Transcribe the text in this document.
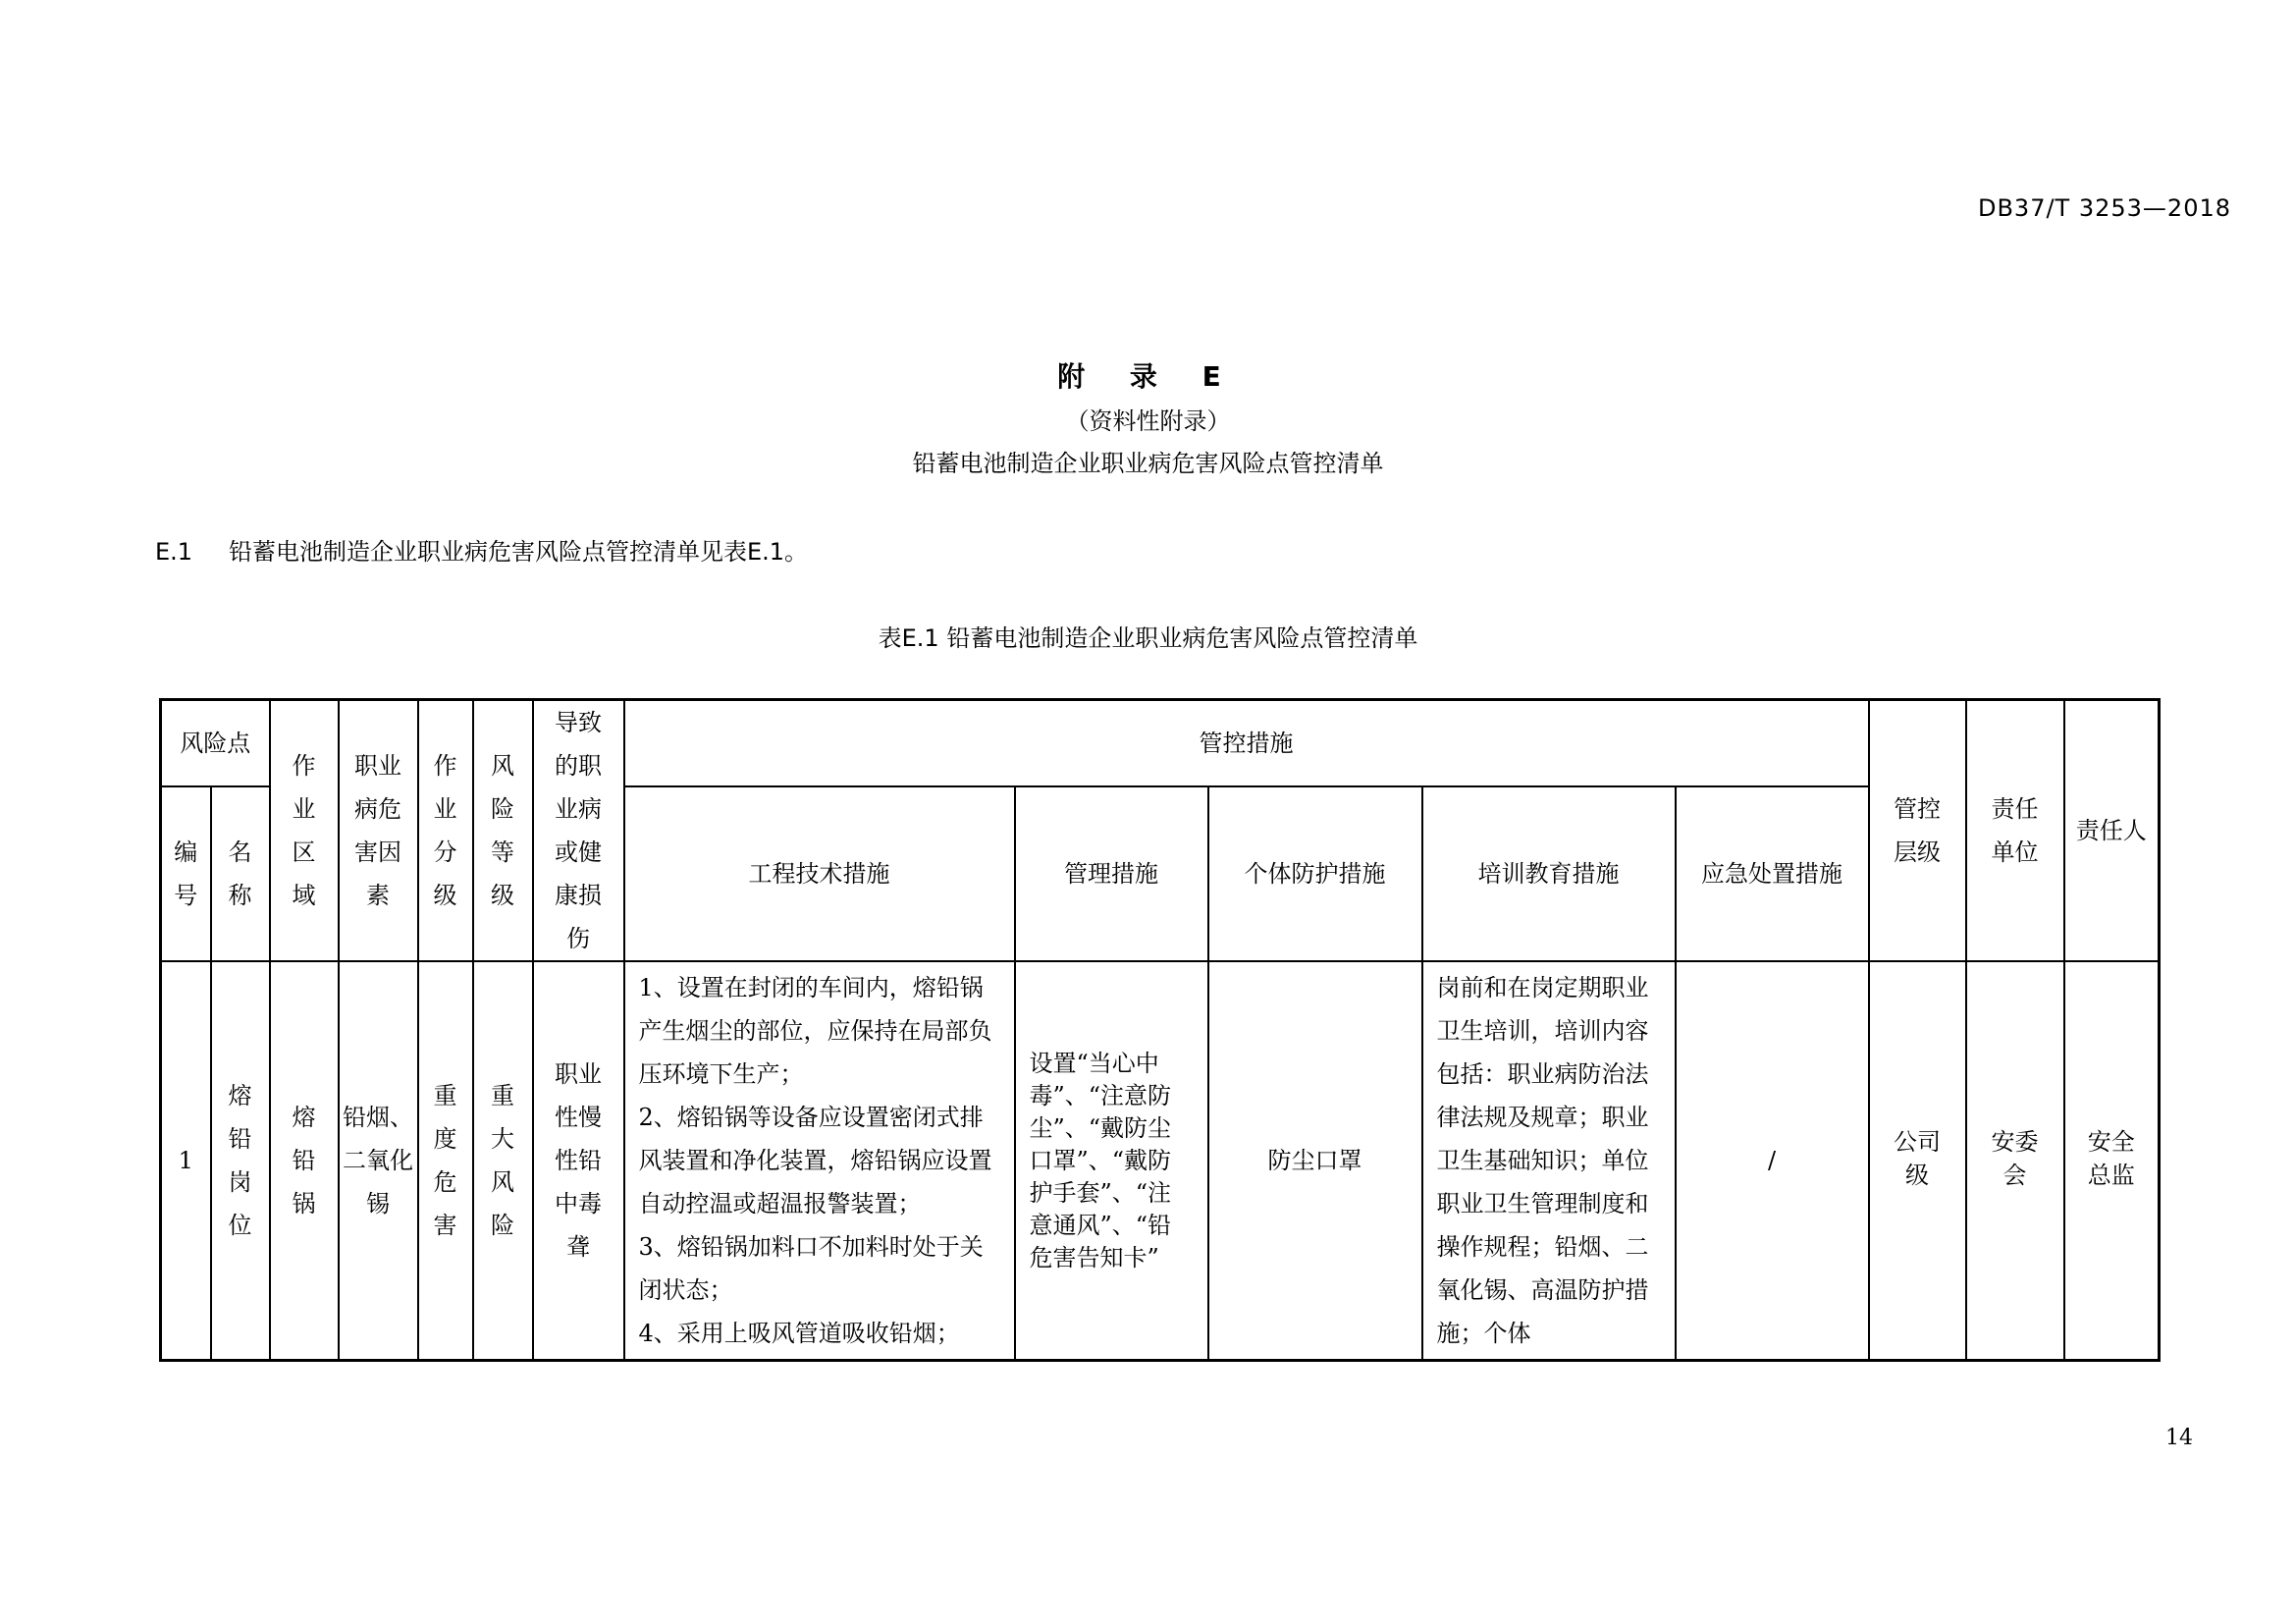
DB37/T 3253—2018
附 录 E
（资料性附录）
铅蓄电池制造企业职业病危害风险点管控清单
E.1 铅蓄电池制造企业职业病危害风险点管控清单见表E.1。
表E.1 铅蓄电池制造企业职业病危害风险点管控清单
风险点		作业区域	职业病危害因素	作业分级	风险等级	导致的职业病或健康损伤	管控措施					管控层级	责任单位	责任人
编号	名称						工程技术措施	管理措施	个体防护措施	培训教育措施	应急处置措施			
1	熔铅岗位	熔铅锅	铅烟、二氧化锡	重度危害	重大风险	职业性慢性铅中毒聋	1、设置在封闭的车间内，熔铅锅产生烟尘的部位，应保持在局部负压环境下生产；
2、熔铅锅等设备应设置密闭式排风装置和净化装置，熔铅锅应设置自动控温或超温报警装置；
3、熔铅锅加料口不加料时处于关闭状态；
4、采用上吸风管道吸收铅烟；	设置“当心中毒”、“注意防尘”、“戴防尘口罩”、“戴防护手套”、“注意通风”、“铅危害告知卡”	防尘口罩	岗前和在岗定期职业卫生培训，培训内容包括：职业病防治法律法规及规章；职业卫生基础知识；单位职业卫生管理制度和操作规程；铅烟、二氧化锡、高温防护措施；个体	/	公司级	安委会	安全总监
14
